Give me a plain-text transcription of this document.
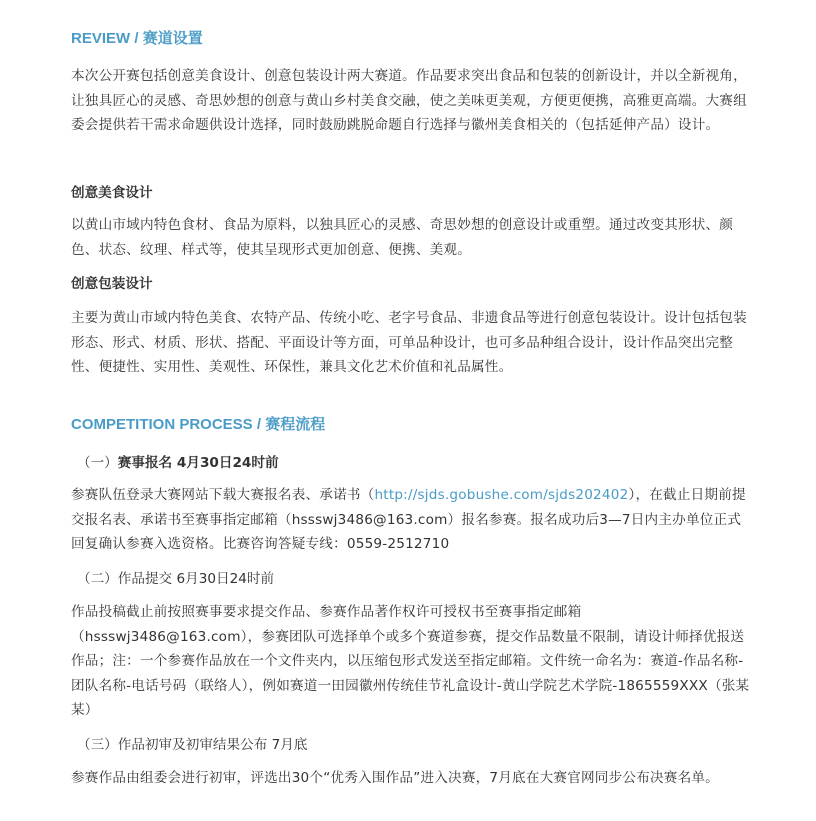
REVIEW / 赛道设置
本次公开赛包括创意美食设计、创意包装设计两大赛道。作品要求突出食品和包装的创新设计，并以全新视角，让独具匠心的灵感、奇思妙想的创意与黄山乡村美食交融，使之美味更美观，方便更便携，高雅更高端。大赛组委会提供若干需求命题供设计选择，同时鼓励跳脱命题自行选择与徽州美食相关的（包括延伸产品）设计。
创意美食设计
以黄山市域内特色食材、食品为原料，以独具匠心的灵感、奇思妙想的创意设计或重塑。通过改变其形状、颜色、状态、纹理、样式等，使其呈现形式更加创意、便携、美观。
创意包装设计
主要为黄山市域内特色美食、农特产品、传统小吃、老字号食品、非遗食品等进行创意包装设计。设计包括包装形态、形式、材质、形状、搭配、平面设计等方面，可单品种设计，也可多品种组合设计，设计作品突出完整性、便捷性、实用性、美观性、环保性，兼具文化艺术价值和礼品属性。
COMPETITION PROCESS / 赛程流程
（一）赛事报名 4月30日24时前
参赛队伍登录大赛网站下载大赛报名表、承诺书（http://sjds.gobushe.com/sjds202402），在截止日期前提交报名表、承诺书至赛事指定邮箱（hssswj3486@163.com）报名参赛。报名成功后3—7日内主办单位正式回复确认参赛入选资格。比赛咨询答疑专线：0559-2512710
（二）作品提交 6月30日24时前
作品投稿截止前按照赛事要求提交作品、参赛作品著作权许可授权书至赛事指定邮箱（hssswj3486@163.com），参赛团队可选择单个或多个赛道参赛，提交作品数量不限制，请设计师择优报送作品；注：一个参赛作品放在一个文件夹内，以压缩包形式发送至指定邮箱。文件统一命名为：赛道-作品名称-团队名称-电话号码（联络人），例如赛道一田园徽州传统佳节礼盒设计-黄山学院艺术学院-1865559XXX（张某某）
（三）作品初审及初审结果公布 7月底
参赛作品由组委会进行初审，评选出30个“优秀入围作品”进入决赛，7月底在大赛官网同步公布决赛名单。
